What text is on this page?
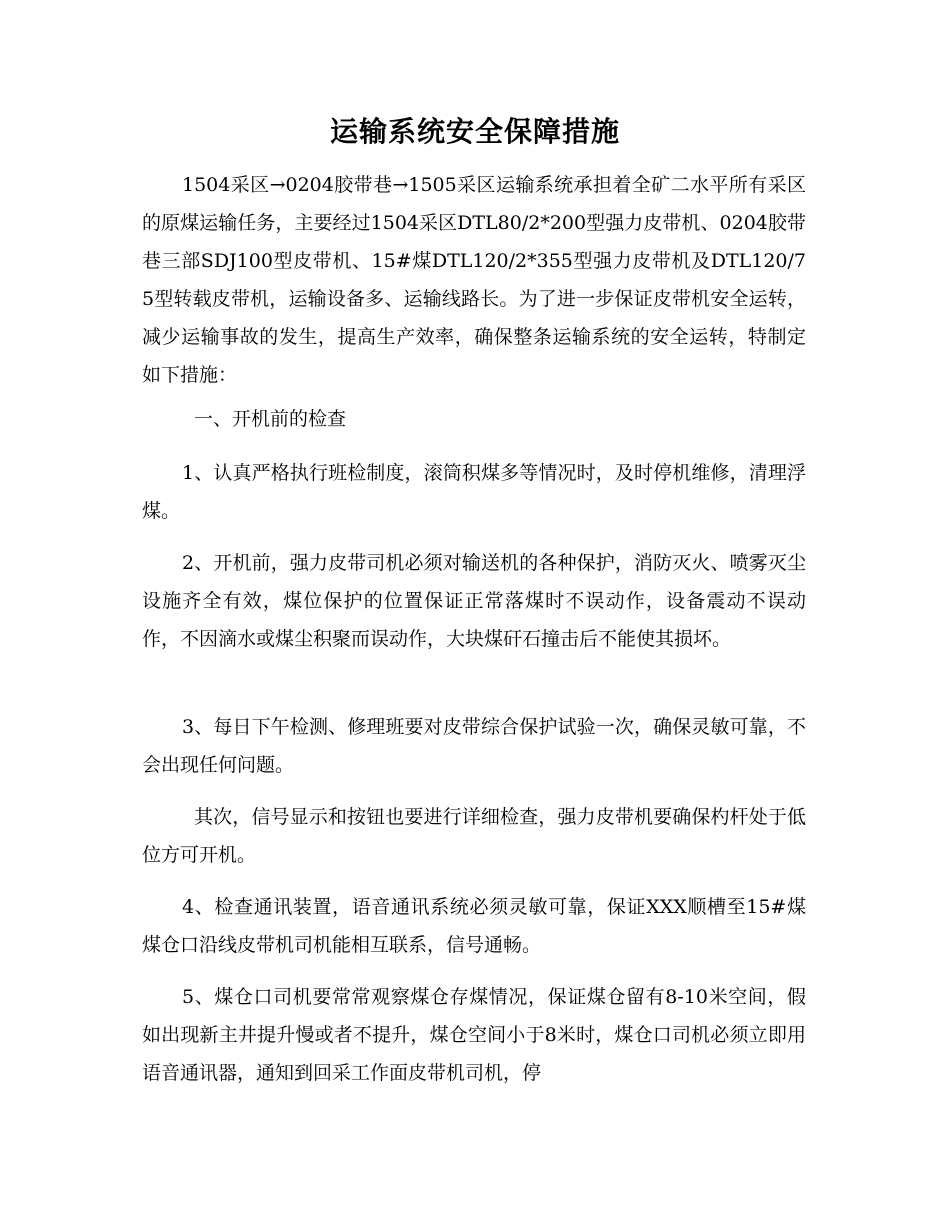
运输系统安全保障措施
1504采区→0204胶带巷→1505采区运输系统承担着全矿二水平所有采区的原煤运输任务，主要经过1504采区DTL80/2*200型强力皮带机、0204胶带巷三部SDJ100型皮带机、15#煤DTL120/2*355型强力皮带机及DTL120/75型转载皮带机，运输设备多、运输线路长。为了进一步保证皮带机安全运转，减少运输事故的发生，提高生产效率，确保整条运输系统的安全运转，特制定如下措施：
一、开机前的检查
1、认真严格执行班检制度，滚筒积煤多等情况时，及时停机维修，清理浮煤。
2、开机前，强力皮带司机必须对输送机的各种保护，消防灭火、喷雾灭尘设施齐全有效，煤位保护的位置保证正常落煤时不误动作，设备震动不误动作，不因滴水或煤尘积聚而误动作，大块煤矸石撞击后不能使其损坏。
3、每日下午检测、修理班要对皮带综合保护试验一次，确保灵敏可靠，不会出现任何问题。
其次，信号显示和按钮也要进行详细检查，强力皮带机要确保杓杆处于低位方可开机。
4、检查通讯装置，语音通讯系统必须灵敏可靠，保证XXX顺槽至15#煤煤仓口沿线皮带机司机能相互联系，信号通畅。
5、煤仓口司机要常常观察煤仓存煤情况，保证煤仓留有8-10米空间，假如出现新主井提升慢或者不提升，煤仓空间小于8米时，煤仓口司机必须立即用语音通讯器，通知到回采工作面皮带机司机，停
